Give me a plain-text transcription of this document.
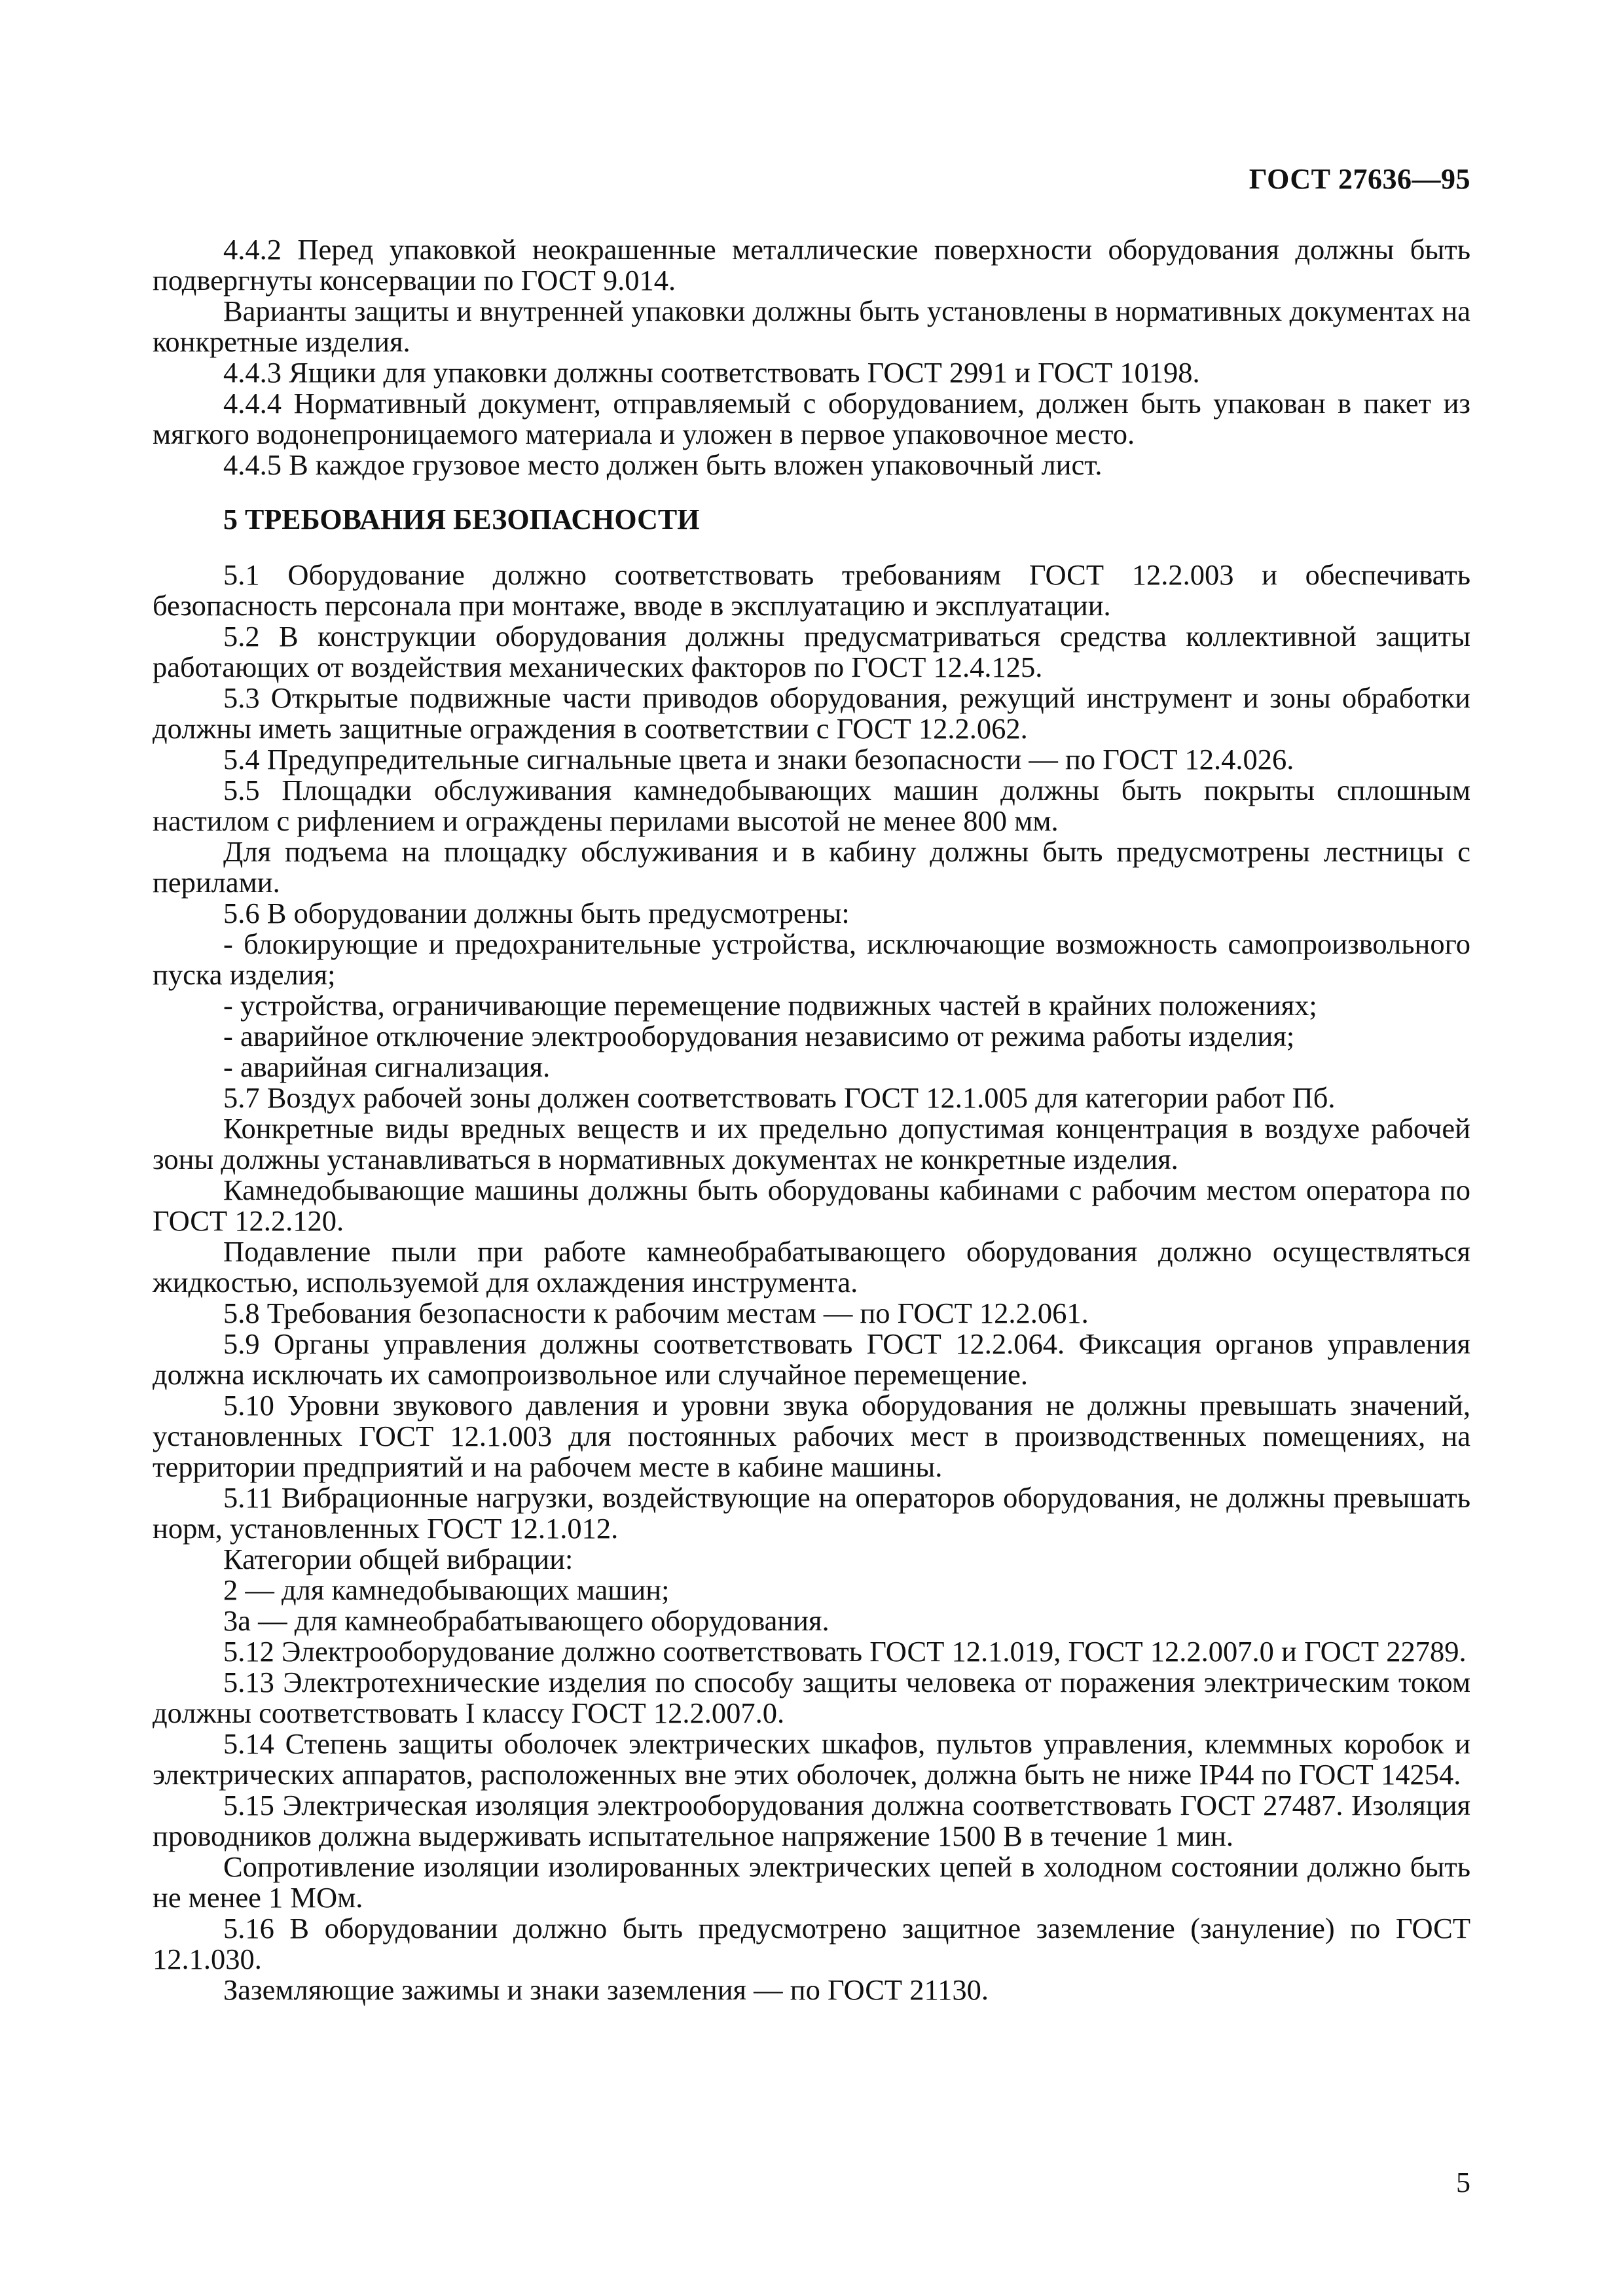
ГОСТ 27636—95

4.4.2 Перед упаковкой неокрашенные металлические поверхности оборудования должны быть подвергнуты консервации по ГОСТ 9.014.

Варианты защиты и внутренней упаковки должны быть установлены в нормативных документах на конкретные изделия.

4.4.3 Ящики для упаковки должны соответствовать ГОСТ 2991 и ГОСТ 10198.

4.4.4 Нормативный документ, отправляемый с оборудованием, должен быть упакован в пакет из мягкого водонепроницаемого материала и уложен в первое упаковочное место.

4.4.5 В каждое грузовое место должен быть вложен упаковочный лист.

5 ТРЕБОВАНИЯ БЕЗОПАСНОСТИ

5.1 Оборудование должно соответствовать требованиям ГОСТ 12.2.003 и обеспечивать безопасность персонала при монтаже, вводе в эксплуатацию и эксплуатации.

5.2 В конструкции оборудования должны предусматриваться средства коллективной защиты работающих от воздействия механических факторов по ГОСТ 12.4.125.

5.3 Открытые подвижные части приводов оборудования, режущий инструмент и зоны обработки должны иметь защитные ограждения в соответствии с ГОСТ 12.2.062.

5.4 Предупредительные сигнальные цвета и знаки безопасности — по ГОСТ 12.4.026.

5.5 Площадки обслуживания камнедобывающих машин должны быть покрыты сплошным настилом с рифлением и ограждены перилами высотой не менее 800 мм.

Для подъема на площадку обслуживания и в кабину должны быть предусмотрены лестницы с перилами.

5.6 В оборудовании должны быть предусмотрены:

- блокирующие и предохранительные устройства, исключающие возможность самопроизвольного пуска изделия;

- устройства, ограничивающие перемещение подвижных частей в крайних положениях;

- аварийное отключение электрооборудования независимо от режима работы изделия;

- аварийная сигнализация.

5.7 Воздух рабочей зоны должен соответствовать ГОСТ 12.1.005 для категории работ Пб.

Конкретные виды вредных веществ и их предельно допустимая концентрация в воздухе рабочей зоны должны устанавливаться в нормативных документах не конкретные изделия.

Камнедобывающие машины должны быть оборудованы кабинами с рабочим местом оператора по ГОСТ 12.2.120.

Подавление пыли при работе камнеобрабатывающего оборудования должно осуществляться жидкостью, используемой для охлаждения инструмента.

5.8 Требования безопасности к рабочим местам — по ГОСТ 12.2.061.

5.9 Органы управления должны соответствовать ГОСТ 12.2.064. Фиксация органов управления должна исключать их самопроизвольное или случайное перемещение.

5.10 Уровни звукового давления и уровни звука оборудования не должны превышать значений, установленных ГОСТ 12.1.003 для постоянных рабочих мест в производственных помещениях, на территории предприятий и на рабочем месте в кабине машины.

5.11 Вибрационные нагрузки, воздействующие на операторов оборудования, не должны превышать норм, установленных ГОСТ 12.1.012.

Категории общей вибрации:

2 — для камнедобывающих машин;

3а — для камнеобрабатывающего оборудования.

5.12 Электрооборудование должно соответствовать ГОСТ 12.1.019, ГОСТ 12.2.007.0 и ГОСТ 22789.

5.13 Электротехнические изделия по способу защиты человека от поражения электрическим током должны соответствовать I классу ГОСТ 12.2.007.0.

5.14 Степень защиты оболочек электрических шкафов, пультов управления, клеммных коробок и электрических аппаратов, расположенных вне этих оболочек, должна быть не ниже IP44 по ГОСТ 14254.

5.15 Электрическая изоляция электрооборудования должна соответствовать ГОСТ 27487. Изоляция проводников должна выдерживать испытательное напряжение 1500 В в течение 1 мин.

Сопротивление изоляции изолированных электрических цепей в холодном состоянии должно быть не менее 1 МОм.

5.16 В оборудовании должно быть предусмотрено защитное заземление (зануление) по ГОСТ 12.1.030.

Заземляющие зажимы и знаки заземления — по ГОСТ 21130.

5
